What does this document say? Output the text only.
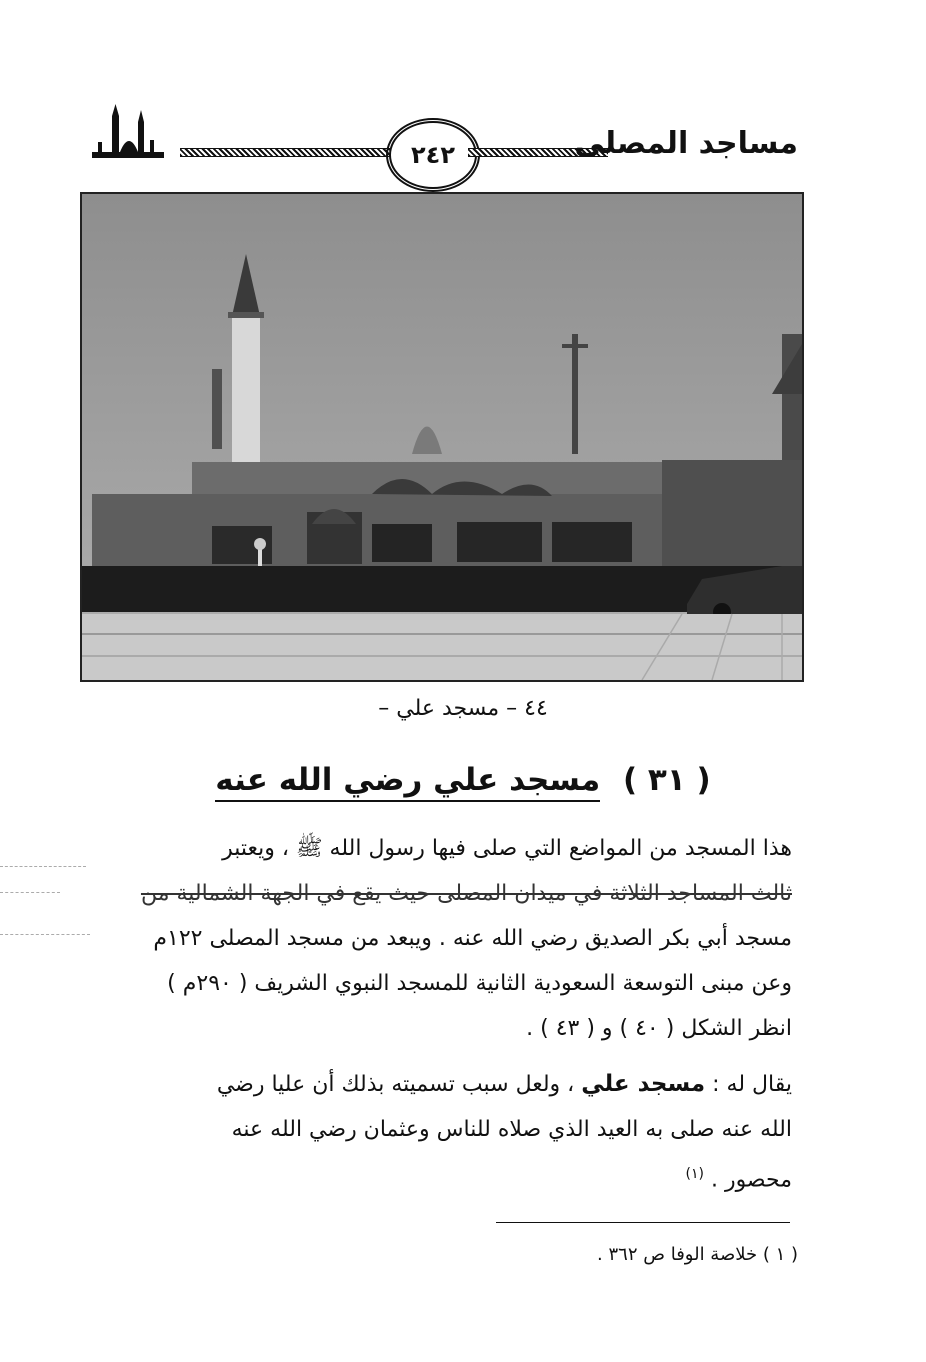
٢٤٢	مساجد المصلى
٤٤ – مسجد علي –
( ٣١ ) مسجد علي رضي الله عنه
هذا المسجد من المواضع التي صلى فيها رسول الله ﷺ ، ويعتبر
ثالث المساجد الثلاثة في ميدان المصلى حيث يقع في الجهة الشمالية من
مسجد أبي بكر الصديق رضي الله عنه . ويبعد من مسجد المصلى ١٢٢م
وعن مبنى التوسعة السعودية الثانية للمسجد النبوي الشريف ( ٢٩٠م )
انظر الشكل ( ٤٠ ) و ( ٤٣ ) .
يقال له : مسجد علي ، ولعل سبب تسميته بذلك أن عليا رضي
الله عنه صلى به العيد الذي صلاه للناس وعثمان رضي الله عنه
محصور . $^{(١)}$
( ١ ) خلاصة الوفا ص ٣٦٢ .
